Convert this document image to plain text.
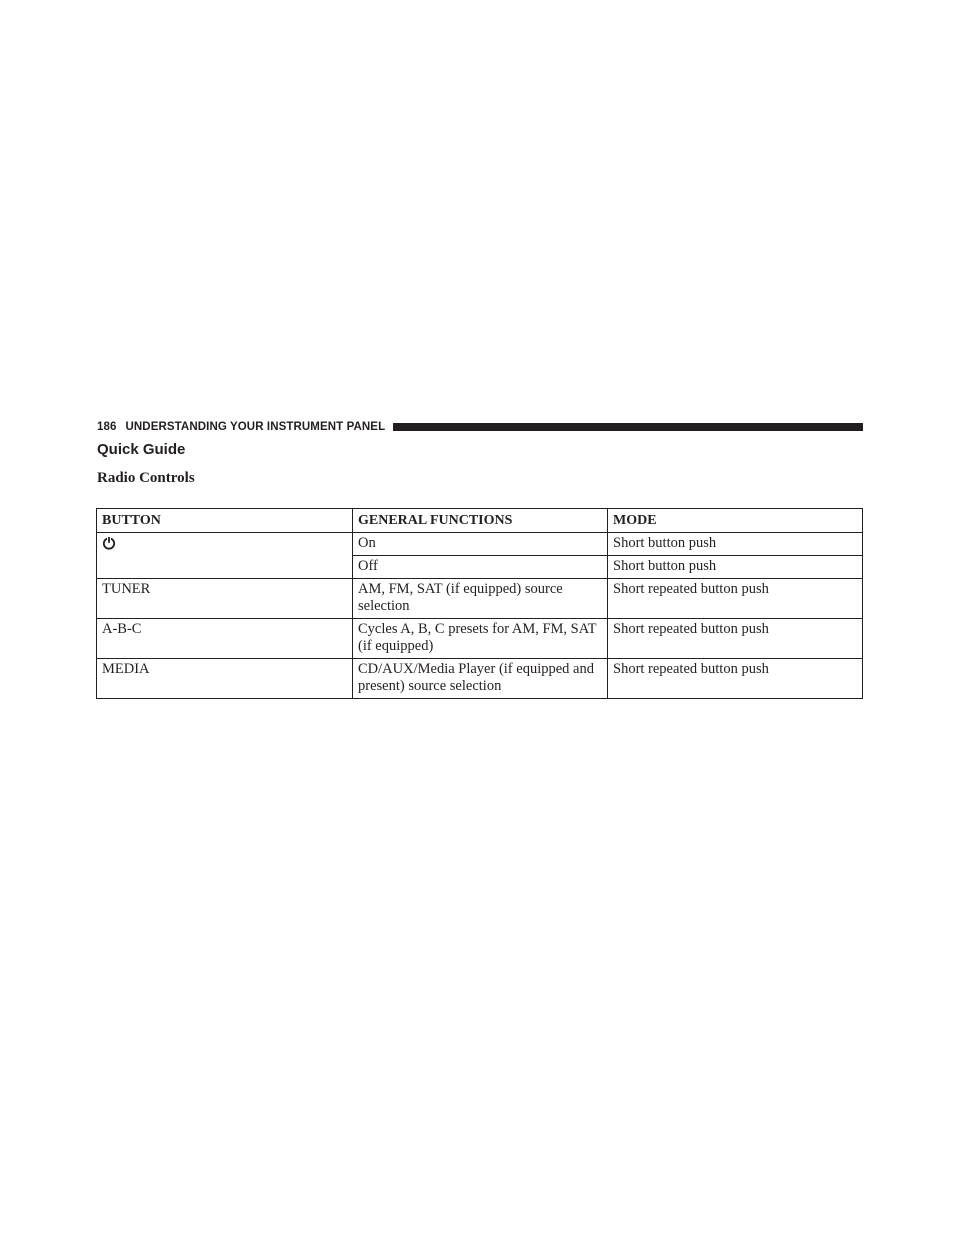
186 UNDERSTANDING YOUR INSTRUMENT PANEL
Quick Guide
Radio Controls
BUTTON	GENERAL FUNCTIONS	MODE
	On	Short button push
	Off	Short button push
TUNER	AM, FM, SAT (if equipped) source selection	Short repeated button push
A-B-C	Cycles A, B, C presets for AM, FM, SAT (if equipped)	Short repeated button push
MEDIA	CD/AUX/Media Player (if equipped and present) source selection	Short repeated button push
